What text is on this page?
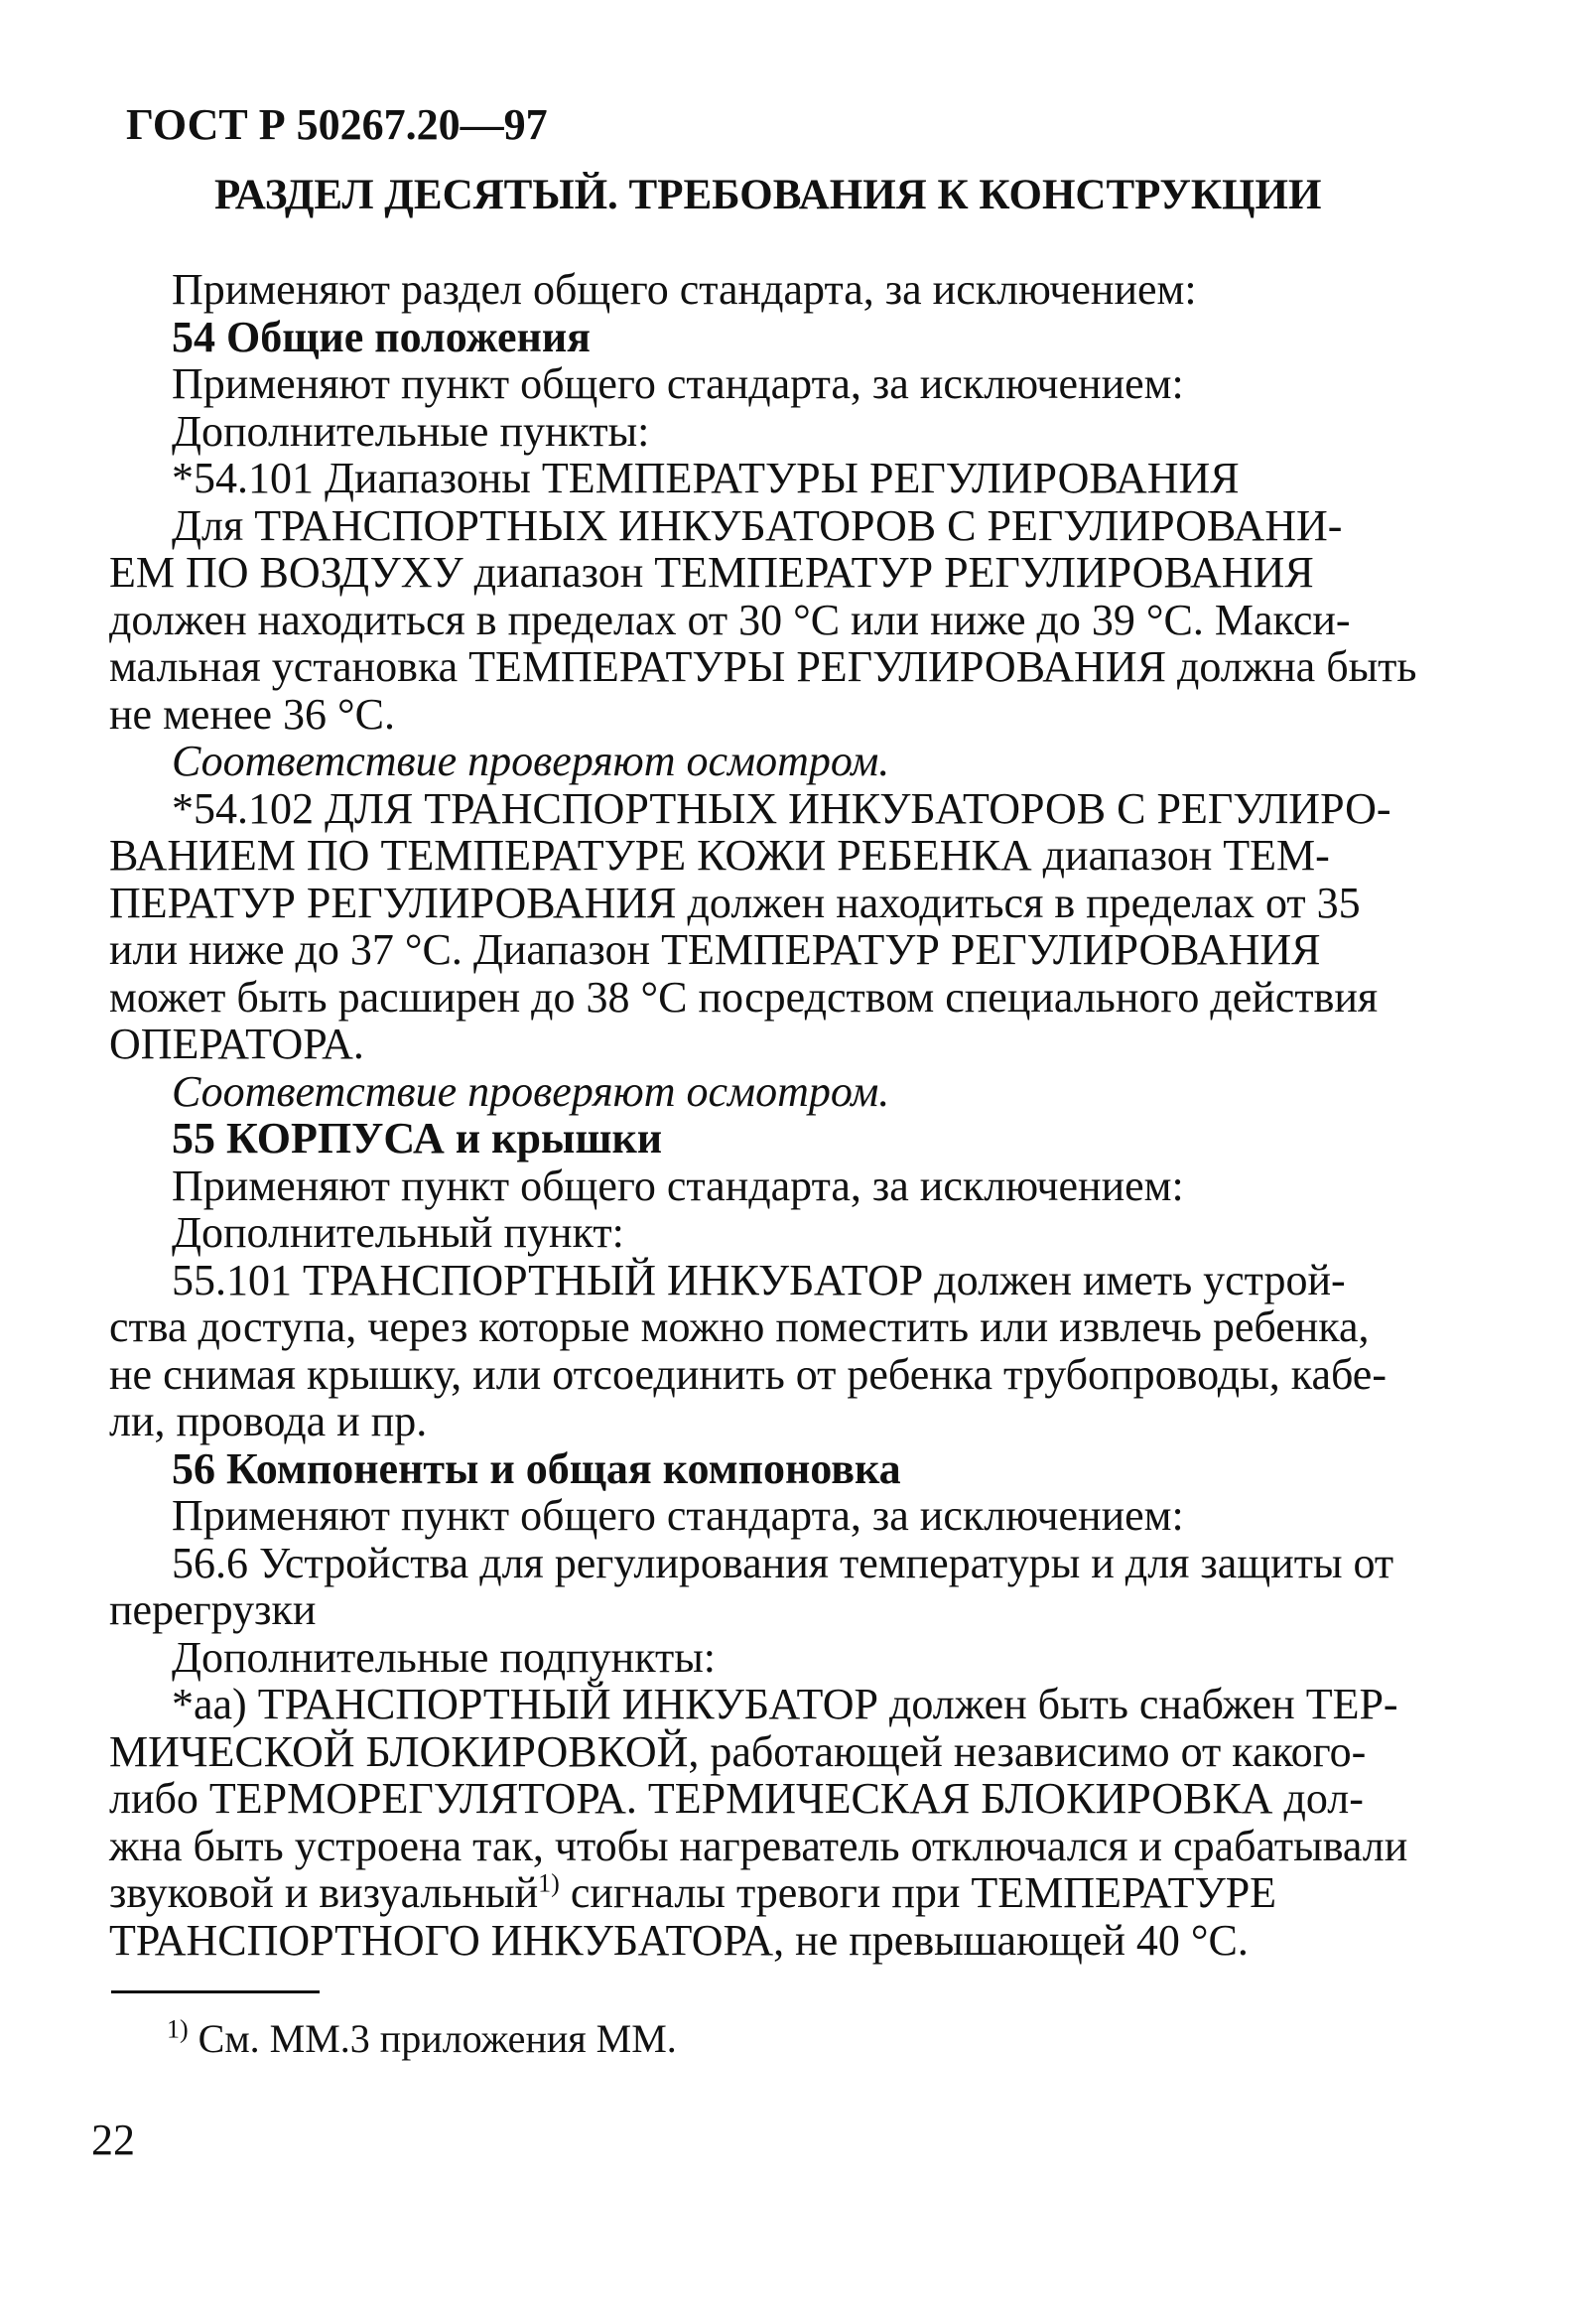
ГОСТ Р 50267.20—97
РАЗДЕЛ ДЕСЯТЫЙ. ТРЕБОВАНИЯ К КОНСТРУКЦИИ
Применяют раздел общего стандарта, за исключением:
54 Общие положения
Применяют пункт общего стандарта, за исключением:
Дополнительные пункты:
*54.101 Диапазоны ТЕМПЕРАТУРЫ РЕГУЛИРОВАНИЯ
Для ТРАНСПОРТНЫХ ИНКУБАТОРОВ С РЕГУЛИРОВАНИ-
ЕМ ПО ВОЗДУХУ диапазон ТЕМПЕРАТУР РЕГУЛИРОВАНИЯ
должен находиться в пределах от 30 °С или ниже до 39 °С. Макси-
мальная установка ТЕМПЕРАТУРЫ РЕГУЛИРОВАНИЯ должна быть
не менее 36 °С.
Соответствие проверяют осмотром.
*54.102 ДЛЯ ТРАНСПОРТНЫХ ИНКУБАТОРОВ С РЕГУЛИРО-
ВАНИЕМ ПО ТЕМПЕРАТУРЕ КОЖИ РЕБЕНКА диапазон ТЕМ-
ПЕРАТУР РЕГУЛИРОВАНИЯ должен находиться в пределах от 35
или ниже до 37 °С. Диапазон ТЕМПЕРАТУР РЕГУЛИРОВАНИЯ
может быть расширен до 38 °С посредством специального действия
ОПЕРАТОРА.
Соответствие проверяют осмотром.
55 КОРПУСА и крышки
Применяют пункт общего стандарта, за исключением:
Дополнительный пункт:
55.101 ТРАНСПОРТНЫЙ ИНКУБАТОР должен иметь устрой-
ства доступа, через которые можно поместить или извлечь ребенка,
не снимая крышку, или отсоединить от ребенка трубопроводы, кабе-
ли, провода и пр.
56 Компоненты и общая компоновка
Применяют пункт общего стандарта, за исключением:
56.6 Устройства для регулирования температуры и для защиты от
перегрузки
Дополнительные подпункты:
*aa) ТРАНСПОРТНЫЙ ИНКУБАТОР должен быть снабжен ТЕР-
МИЧЕСКОЙ БЛОКИРОВКОЙ, работающей независимо от какого-
либо ТЕРМОРЕГУЛЯТОРА. ТЕРМИЧЕСКАЯ БЛОКИРОВКА дол-
жна быть устроена так, чтобы нагреватель отключался и срабатывали
звуковой и визуальный$^{1)}$ сигналы тревоги при ТЕМПЕРАТУРЕ
ТРАНСПОРТНОГО ИНКУБАТОРА, не превышающей 40 °С.
$^{1)}$ См. ММ.3 приложения ММ.
22
